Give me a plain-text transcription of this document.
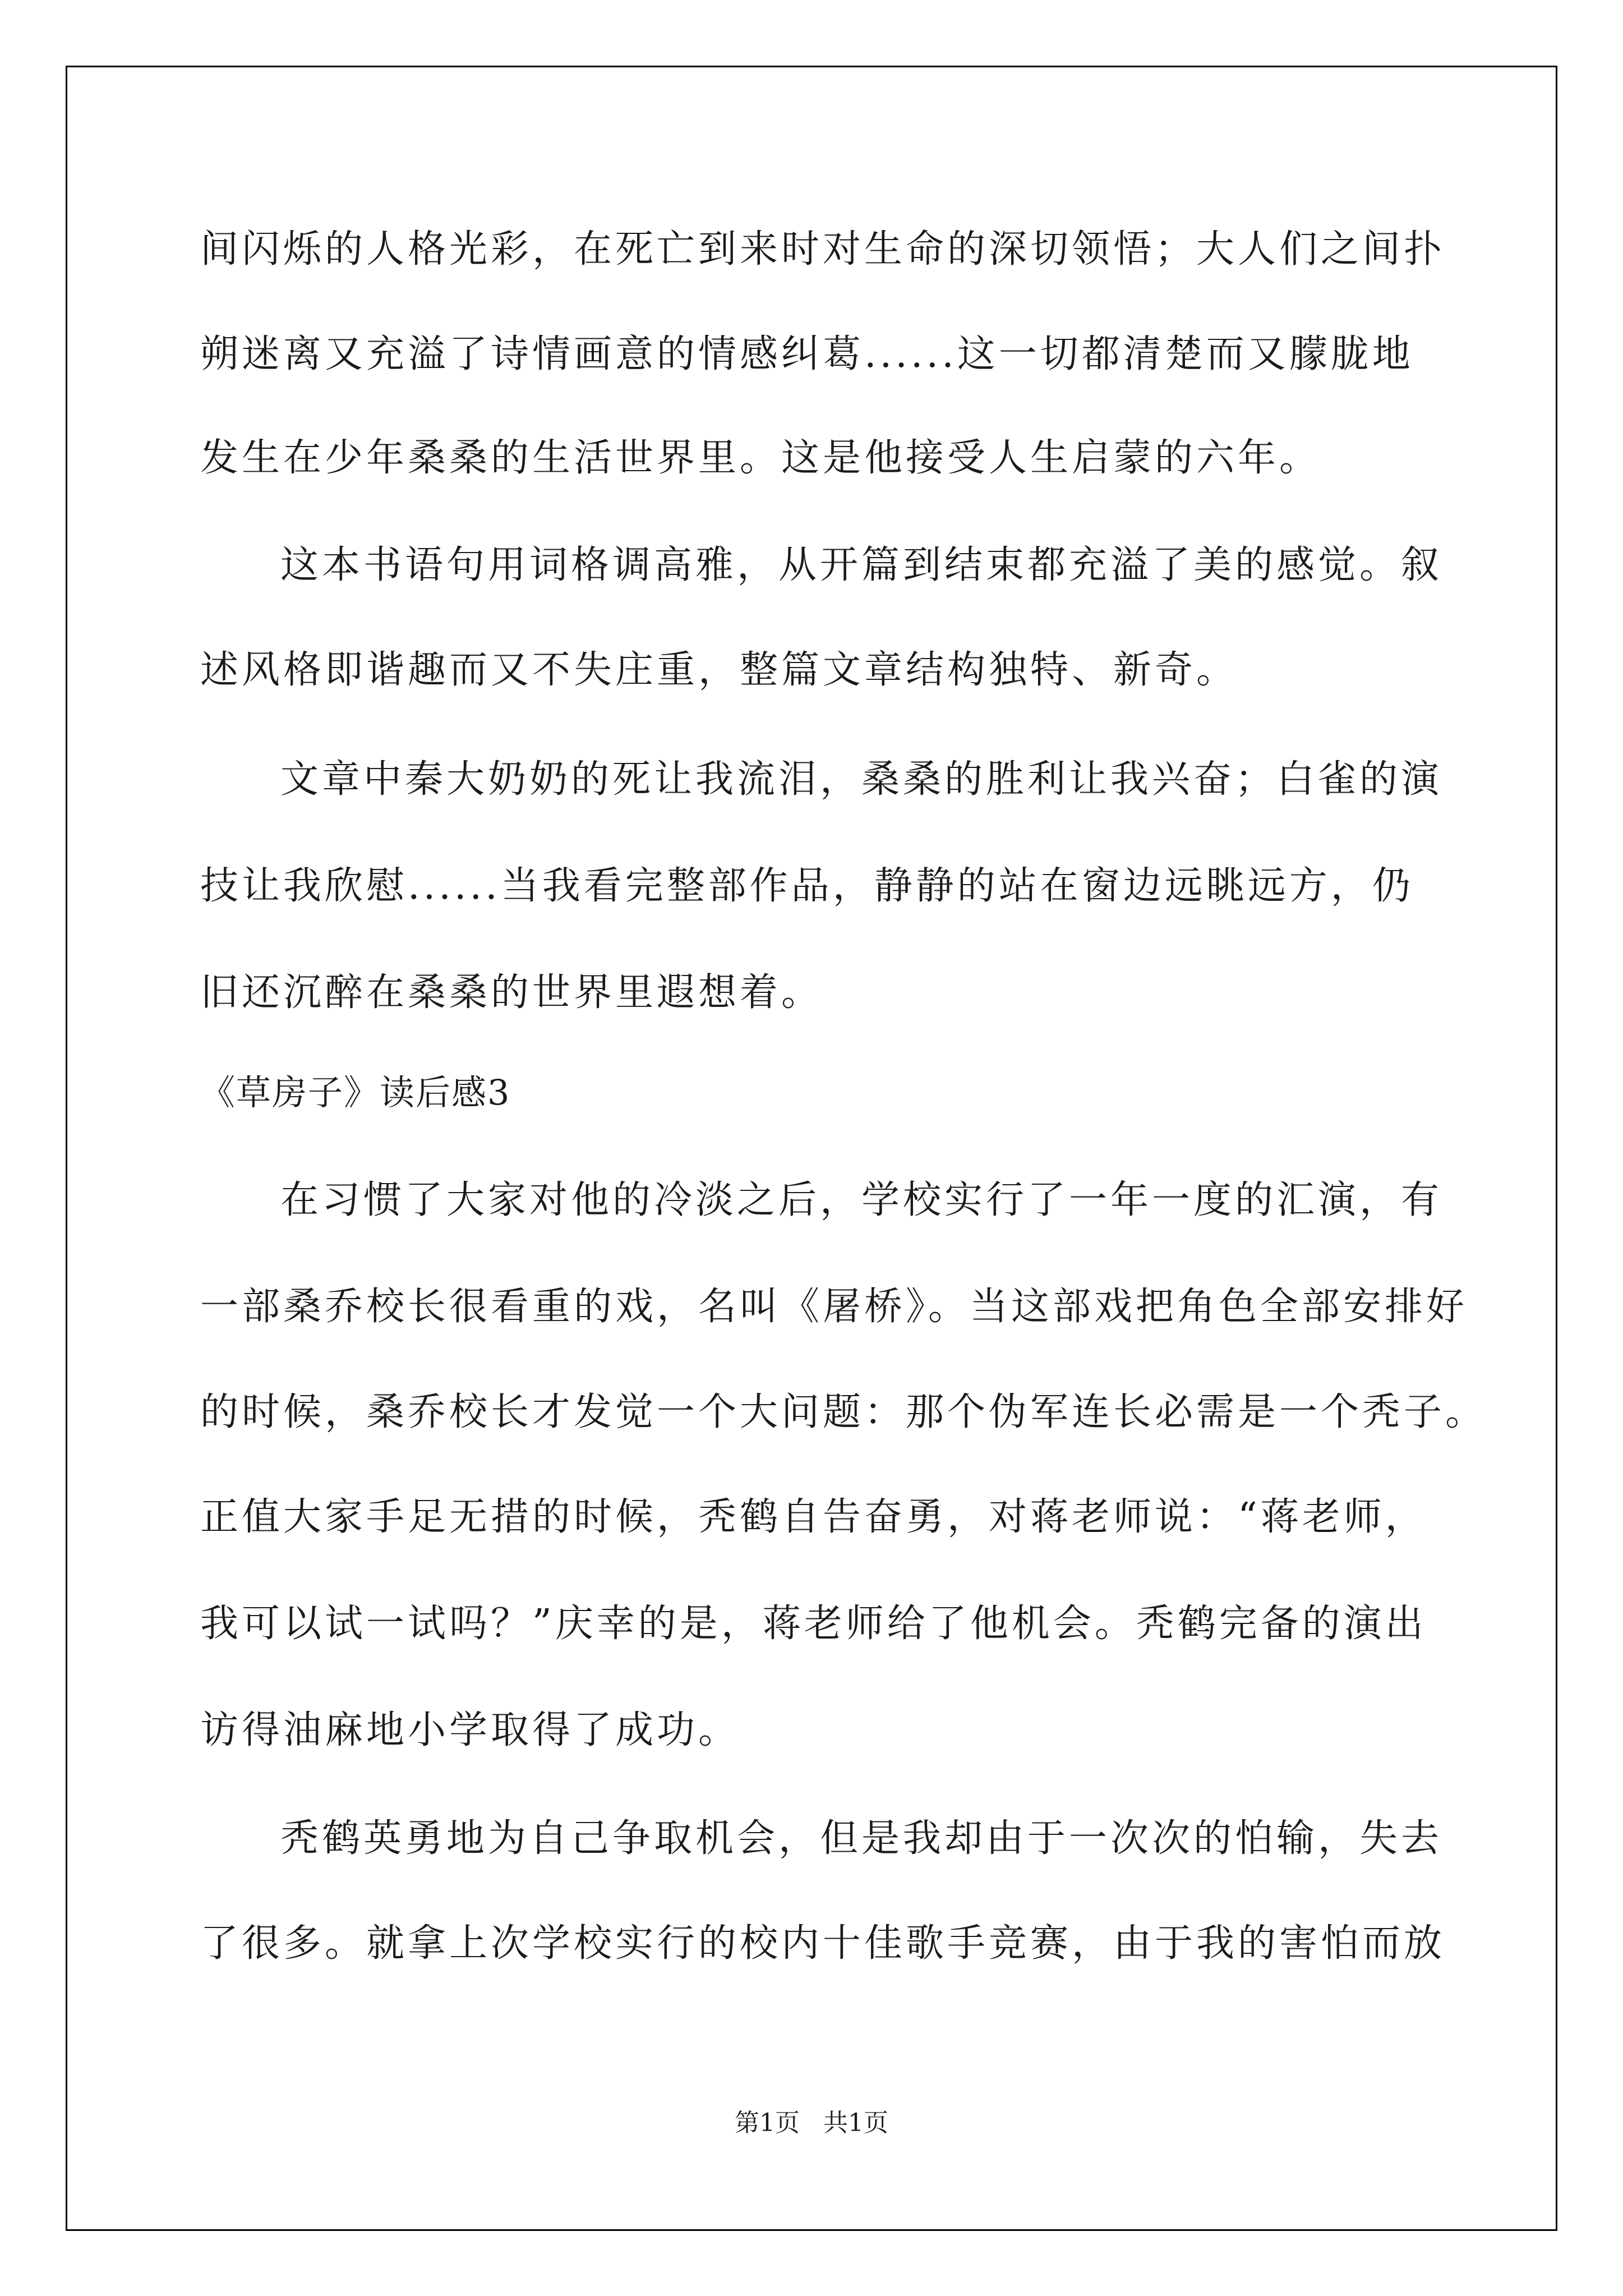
间闪烁的人格光彩，在死亡到来时对生命的深切领悟；大人们之间扑
朔迷离又充溢了诗情画意的情感纠葛......这一切都清楚而又朦胧地
发生在少年桑桑的生活世界里。这是他接受人生启蒙的六年。
这本书语句用词格调高雅，从开篇到结束都充溢了美的感觉。叙
述风格即谐趣而又不失庄重，整篇文章结构独特、新奇。
文章中秦大奶奶的死让我流泪，桑桑的胜利让我兴奋；白雀的演
技让我欣慰......当我看完整部作品，静静的站在窗边远眺远方，仍
旧还沉醉在桑桑的世界里遐想着。
《草房子》读后感3
在习惯了大家对他的冷淡之后，学校实行了一年一度的汇演，有
一部桑乔校长很看重的戏，名叫《屠桥》。当这部戏把角色全部安排好
的时候，桑乔校长才发觉一个大问题：那个伪军连长必需是一个秃子。
正值大家手足无措的时候，秃鹤自告奋勇，对蒋老师说：“蒋老师，
我可以试一试吗？”庆幸的是，蒋老师给了他机会。秃鹤完备的演出
访得油麻地小学取得了成功。
秃鹤英勇地为自己争取机会，但是我却由于一次次的怕输，失去
了很多。就拿上次学校实行的校内十佳歌手竞赛，由于我的害怕而放
第1页   共1页
